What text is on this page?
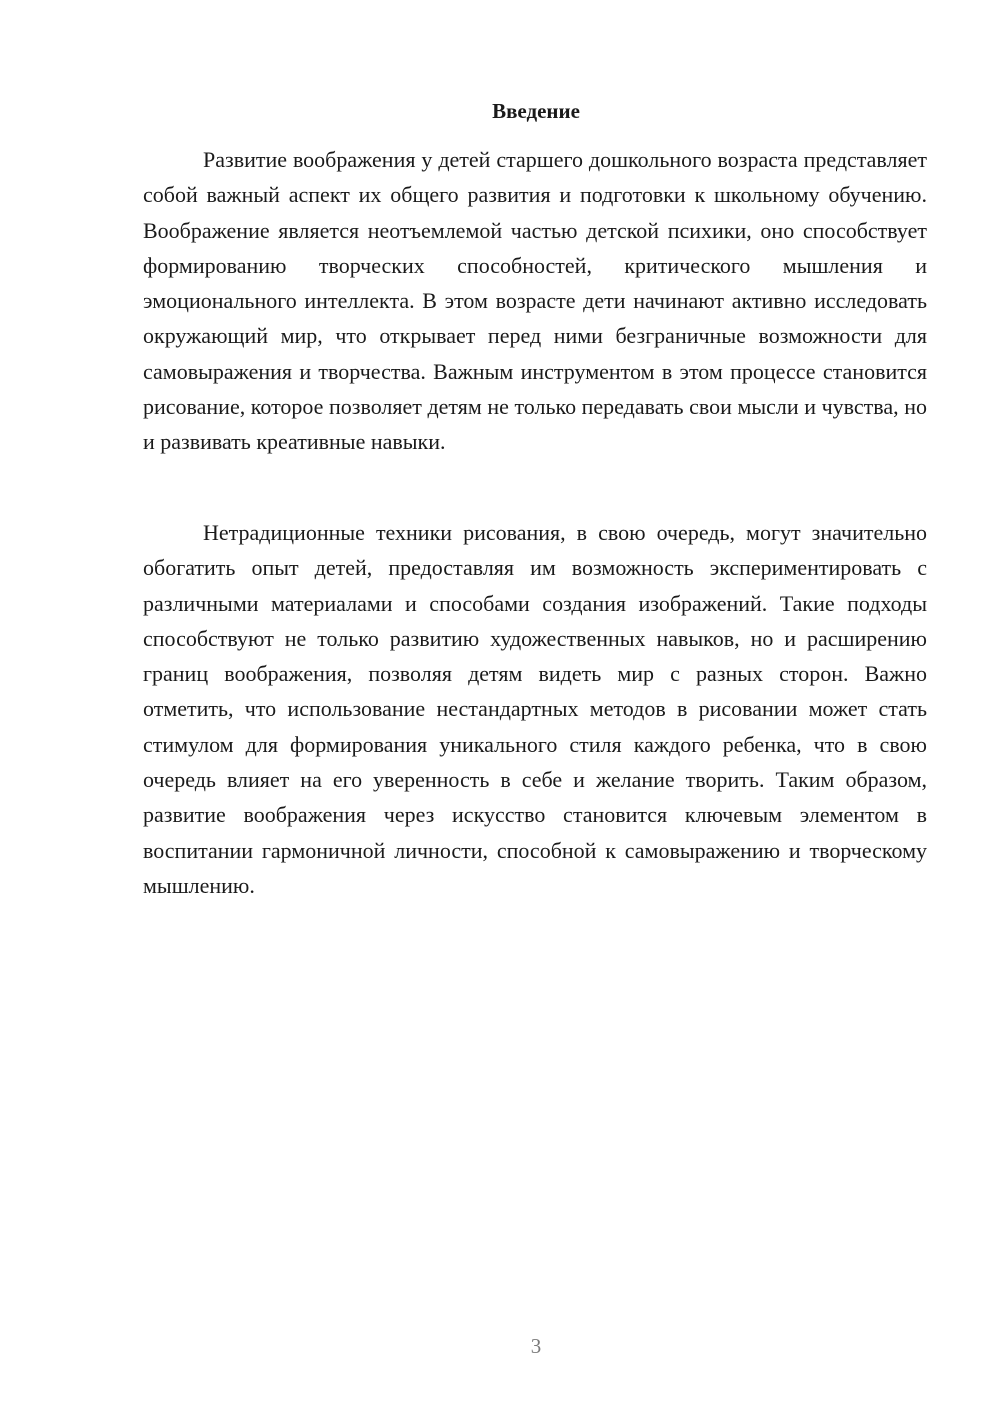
Введение

Развитие воображения у детей старшего дошкольного возраста представляет собой важный аспект их общего развития и подготовки к школьному обучению. Воображение является неотъемлемой частью детской психики, оно способствует формированию творческих способностей, критического мышления и эмоционального интеллекта. В этом возрасте дети начинают активно исследовать окружающий мир, что открывает перед ними безграничные возможности для самовыражения и творчества. Важным инструментом в этом процессе становится рисование, которое позволяет детям не только передавать свои мысли и чувства, но и развивать креативные навыки.

Нетрадиционные техники рисования, в свою очередь, могут значительно обогатить опыт детей, предоставляя им возможность экспериментировать с различными материалами и способами создания изображений. Такие подходы способствуют не только развитию художественных навыков, но и расширению границ воображения, позволяя детям видеть мир с разных сторон. Важно отметить, что использование нестандартных методов в рисовании может стать стимулом для формирования уникального стиля каждого ребенка, что в свою очередь влияет на его уверенность в себе и желание творить. Таким образом, развитие воображения через искусство становится ключевым элементом в воспитании гармоничной личности, способной к самовыражению и творческому мышлению.

3
